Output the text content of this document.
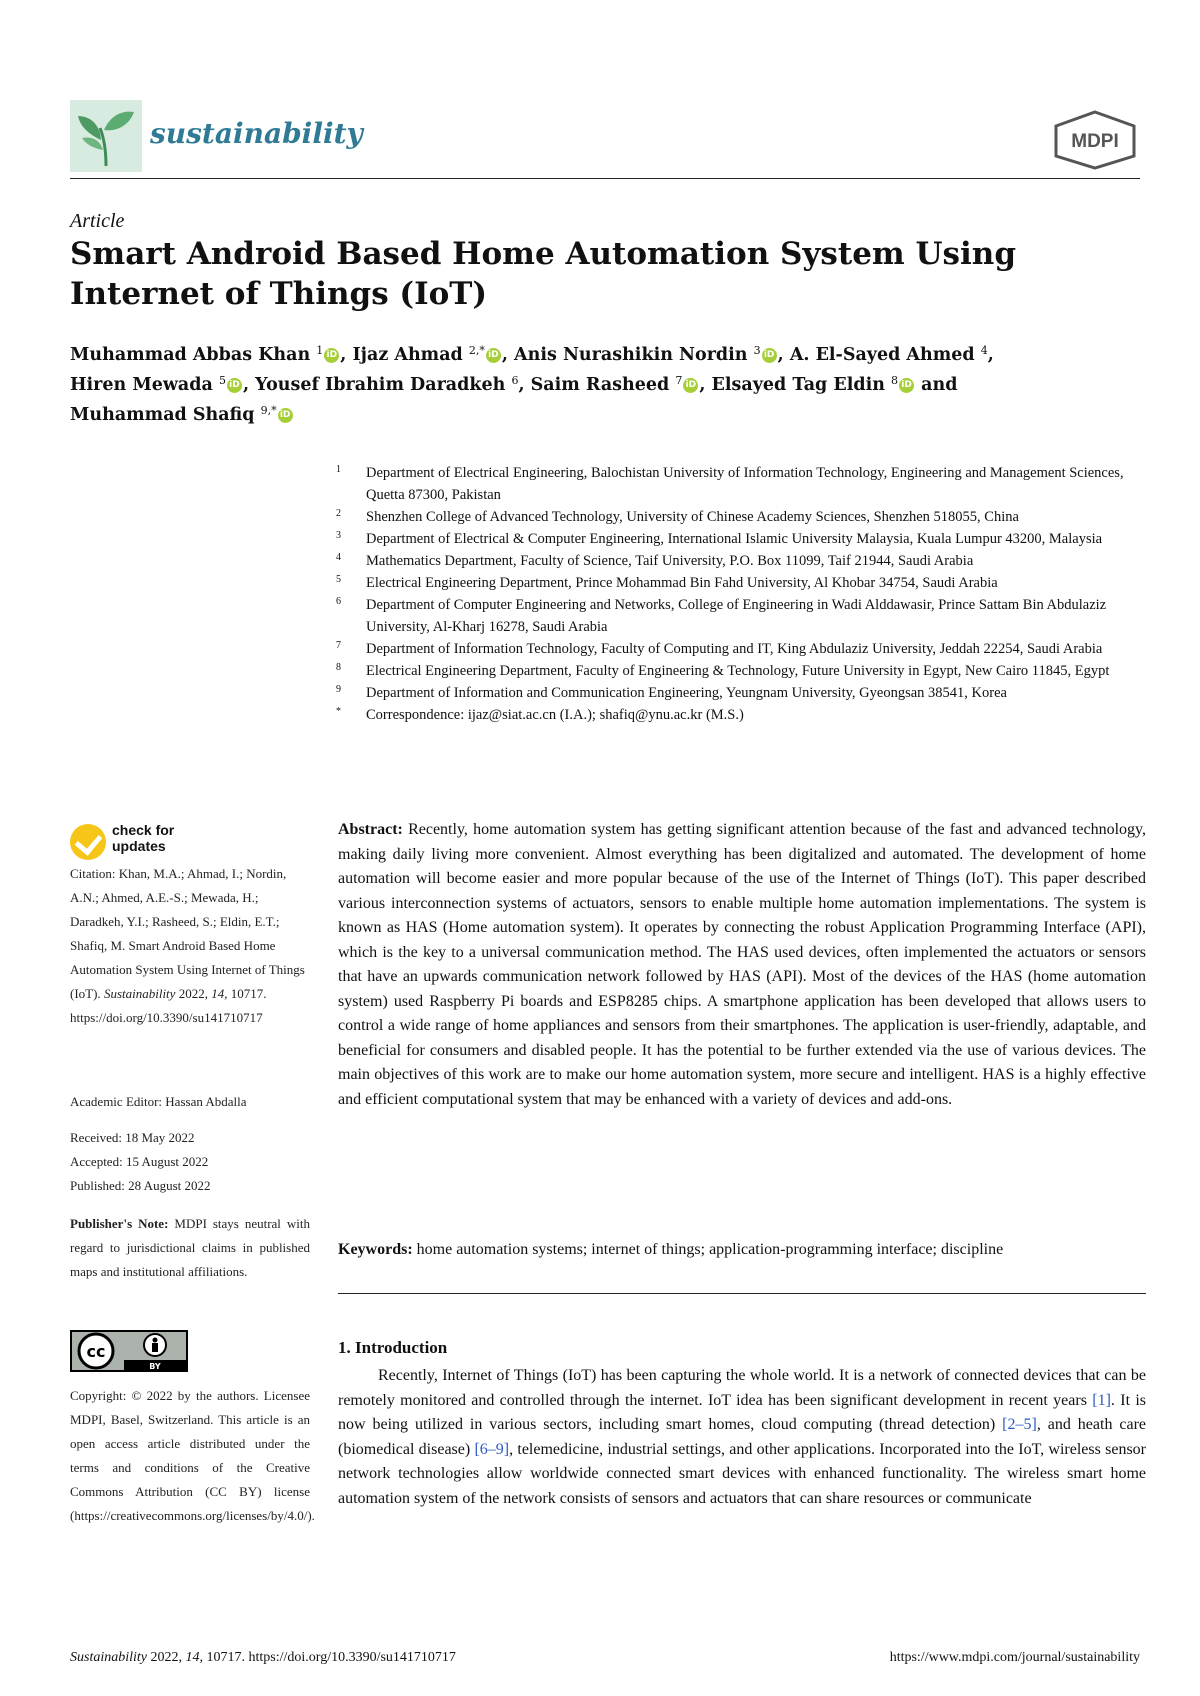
sustainability	MDPI
Article
Smart Android Based Home Automation System Using Internet of Things (IoT)
Muhammad Abbas Khan $^1$ iD , Ijaz Ahmad $^{2,*}$ iD , Anis Nurashikin Nordin $^3$ iD , A. El-Sayed Ahmed $^4$,
Hiren Mewada $^5$ iD , Yousef Ibrahim Daradkeh $^6$, Saim Rasheed $^7$ iD , Elsayed Tag Eldin $^8$ iD and
Muhammad Shafiq $^{9,*}$ iD
1 Department of Electrical Engineering, Balochistan University of Information Technology, Engineering and Management Sciences, Quetta 87300, Pakistan
2 Shenzhen College of Advanced Technology, University of Chinese Academy Sciences, Shenzhen 518055, China
3 Department of Electrical & Computer Engineering, International Islamic University Malaysia, Kuala Lumpur 43200, Malaysia
4 Mathematics Department, Faculty of Science, Taif University, P.O. Box 11099, Taif 21944, Saudi Arabia
5 Electrical Engineering Department, Prince Mohammad Bin Fahd University, Al Khobar 34754, Saudi Arabia
6 Department of Computer Engineering and Networks, College of Engineering in Wadi Alddawasir, Prince Sattam Bin Abdulaziz University, Al-Kharj 16278, Saudi Arabia
7 Department of Information Technology, Faculty of Computing and IT, King Abdulaziz University, Jeddah 22254, Saudi Arabia
8 Electrical Engineering Department, Faculty of Engineering & Technology, Future University in Egypt, New Cairo 11845, Egypt
9 Department of Information and Communication Engineering, Yeungnam University, Gyeongsan 38541, Korea
* Correspondence: ijaz@siat.ac.cn (I.A.); shafiq@ynu.ac.kr (M.S.)
check for
updates
Citation: Khan, M.A.; Ahmad, I.; Nordin, A.N.; Ahmed, A.E.-S.; Mewada, H.; Daradkeh, Y.I.; Rasheed, S.; Eldin, E.T.; Shafiq, M. Smart Android Based Home Automation System Using Internet of Things (IoT). Sustainability 2022, 14, 10717. https://doi.org/10.3390/su141710717
Academic Editor: Hassan Abdalla
Received: 18 May 2022
Accepted: 15 August 2022
Published: 28 August 2022
Publisher's Note: MDPI stays neutral with regard to jurisdictional claims in published maps and institutional affiliations.
cc
BY
Copyright: © 2022 by the authors. Licensee MDPI, Basel, Switzerland. This article is an open access article distributed under the terms and conditions of the Creative Commons Attribution (CC BY) license (https://creativecommons.org/licenses/by/4.0/).
Abstract: Recently, home automation system has getting significant attention because of the fast and advanced technology, making daily living more convenient. Almost everything has been digitalized and automated. The development of home automation will become easier and more popular because of the use of the Internet of Things (IoT). This paper described various interconnection systems of actuators, sensors to enable multiple home automation implementations. The system is known as HAS (Home automation system). It operates by connecting the robust Application Programming Interface (API), which is the key to a universal communication method. The HAS used devices, often implemented the actuators or sensors that have an upwards communication network followed by HAS (API). Most of the devices of the HAS (home automation system) used Raspberry Pi boards and ESP8285 chips. A smartphone application has been developed that allows users to control a wide range of home appliances and sensors from their smartphones. The application is user-friendly, adaptable, and beneficial for consumers and disabled people. It has the potential to be further extended via the use of various devices. The main objectives of this work are to make our home automation system, more secure and intelligent. HAS is a highly effective and efficient computational system that may be enhanced with a variety of devices and add-ons.
Keywords: home automation systems; internet of things; application-programming interface; discipline
1. Introduction
Recently, Internet of Things (IoT) has been capturing the whole world. It is a network of connected devices that can be remotely monitored and controlled through the internet. IoT idea has been significant development in recent years [1]. It is now being utilized in various sectors, including smart homes, cloud computing (thread detection) [2–5], and heath care (biomedical disease) [6–9], telemedicine, industrial settings, and other applications. Incorporated into the IoT, wireless sensor network technologies allow worldwide connected smart devices with enhanced functionality. The wireless smart home automation system of the network consists of sensors and actuators that can share resources or communicate
Sustainability 2022, 14, 10717. https://doi.org/10.3390/su141710717	https://www.mdpi.com/journal/sustainability
